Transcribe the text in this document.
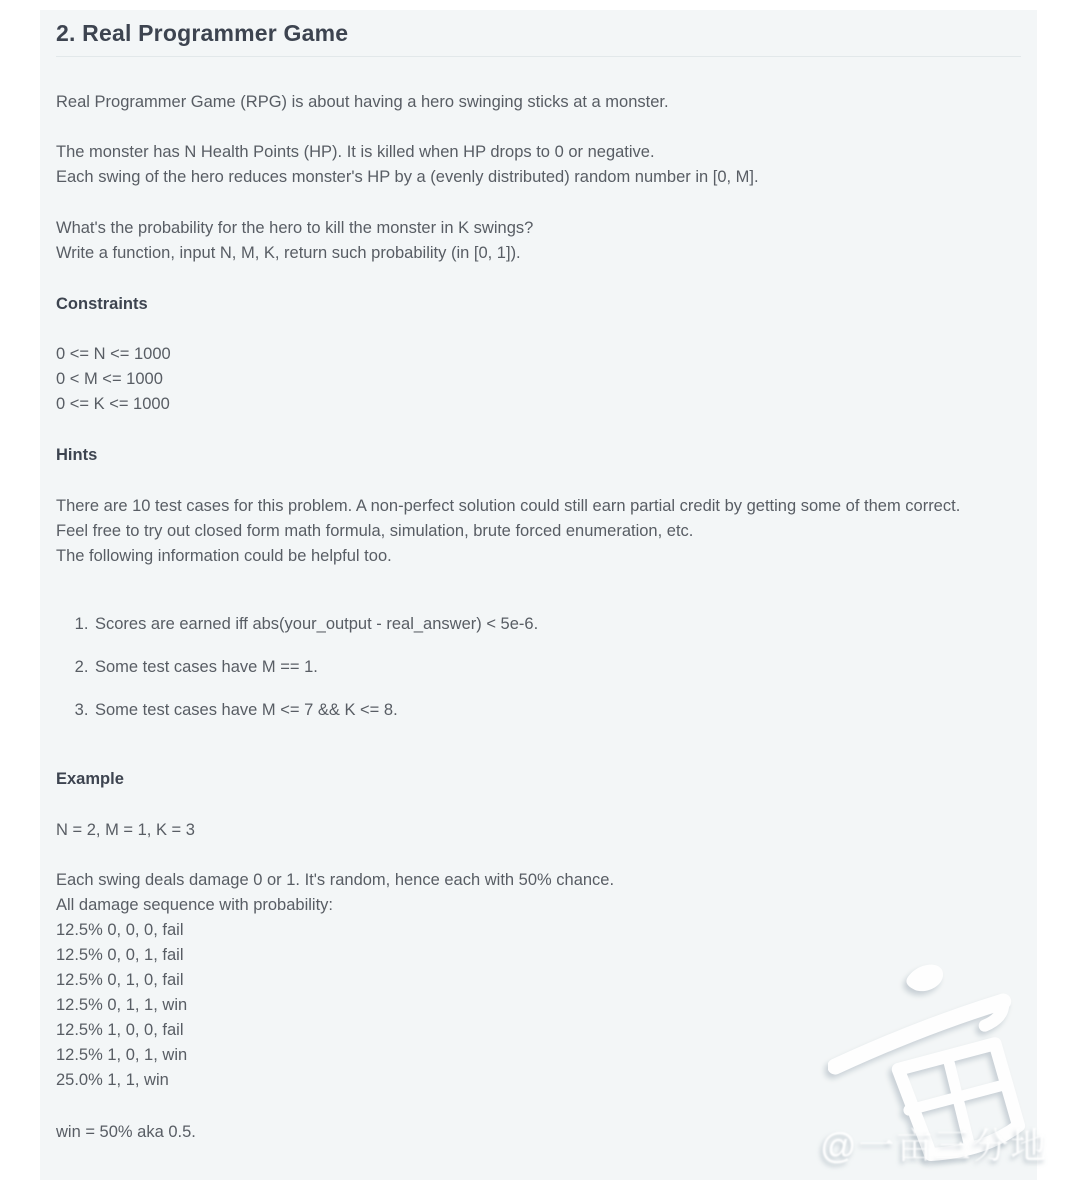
2. Real Programmer Game
Real Programmer Game (RPG) is about having a hero swinging sticks at a monster.
The monster has N Health Points (HP). It is killed when HP drops to 0 or negative.
Each swing of the hero reduces monster's HP by a (evenly distributed) random number in [0, M].
What's the probability for the hero to kill the monster in K swings?
Write a function, input N, M, K, return such probability (in [0, 1]).
Constraints
0 <= N <= 1000
0 < M <= 1000
0 <= K <= 1000
Hints
There are 10 test cases for this problem. A non-perfect solution could still earn partial credit by getting some of them correct.
Feel free to try out closed form math formula, simulation, brute forced enumeration, etc.
The following information could be helpful too.
1. Scores are earned iff abs(your_output - real_answer) < 5e-6.
2. Some test cases have M == 1.
3. Some test cases have M <= 7 && K <= 8.
Example
N = 2, M = 1, K = 3
Each swing deals damage 0 or 1. It's random, hence each with 50% chance.
All damage sequence with probability:
12.5% 0, 0, 0, fail
12.5% 0, 0, 1, fail
12.5% 0, 1, 0, fail
12.5% 0, 1, 1, win
12.5% 1, 0, 0, fail
12.5% 1, 0, 1, win
25.0% 1, 1, win
win = 50% aka 0.5.	@一亩三分地
